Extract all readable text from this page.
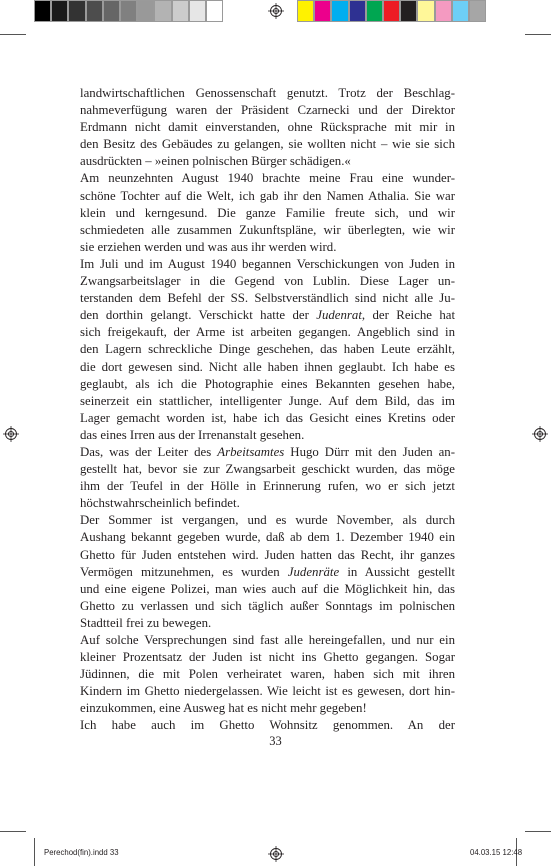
landwirtschaftlichen Genossenschaft genutzt. Trotz der Beschlag-
nahmeverfügung waren der Präsident Czarnecki und der Direktor
Erdmann nicht damit einverstanden, ohne Rücksprache mit mir in
den Besitz des Gebäudes zu gelangen, sie wollten nicht – wie sie sich
ausdrückten – »einen polnischen Bürger schädigen.«

Am neunzehnten August 1940 brachte meine Frau eine wunder-
schöne Tochter auf die Welt, ich gab ihr den Namen Athalia. Sie war
klein und kerngesund. Die ganze Familie freute sich, und wir
schmiedeten alle zusammen Zukunftspläne, wir überlegten, wie wir
sie erziehen werden und was aus ihr werden wird.

Im Juli und im August 1940 begannen Verschickungen von Juden in
Zwangsarbeitslager in die Gegend von Lublin. Diese Lager un-
terstanden dem Befehl der SS. Selbstverständlich sind nicht alle Ju-
den dorthin gelangt. Verschickt hatte der Judenrat, der Reiche hat
sich freigekauft, der Arme ist arbeiten gegangen. Angeblich sind in
den Lagern schreckliche Dinge geschehen, das haben Leute erzählt,
die dort gewesen sind. Nicht alle haben ihnen geglaubt. Ich habe es
geglaubt, als ich die Photographie eines Bekannten gesehen habe,
seinerzeit ein stattlicher, intelligenter Junge. Auf dem Bild, das im
Lager gemacht worden ist, habe ich das Gesicht eines Kretins oder
das eines Irren aus der Irrenanstalt gesehen.

Das, was der Leiter des Arbeitsamtes Hugo Dürr mit den Juden an-
gestellt hat, bevor sie zur Zwangsarbeit geschickt wurden, das möge
ihm der Teufel in der Hölle in Erinnerung rufen, wo er sich jetzt
höchstwahrscheinlich befindet.

Der Sommer ist vergangen, und es wurde November, als durch
Aushang bekannt gegeben wurde, daß ab dem 1. Dezember 1940 ein
Ghetto für Juden entstehen wird. Juden hatten das Recht, ihr ganzes
Vermögen mitzunehmen, es wurden Judenräte in Aussicht gestellt
und eine eigene Polizei, man wies auch auf die Möglichkeit hin, das
Ghetto zu verlassen und sich täglich außer Sonntags im polnischen
Stadtteil frei zu bewegen.

Auf solche Versprechungen sind fast alle hereingefallen, und nur ein
kleiner Prozentsatz der Juden ist nicht ins Ghetto gegangen. Sogar
Jüdinnen, die mit Polen verheiratet waren, haben sich mit ihren
Kindern im Ghetto niedergelassen. Wie leicht ist es gewesen, dort hin-
einzukommen, eine Ausweg hat es nicht mehr gegeben!

Ich habe auch im Ghetto Wohnsitz genommen. An der

33
Perechod(fin).indd 33	04.03.15 12:48
